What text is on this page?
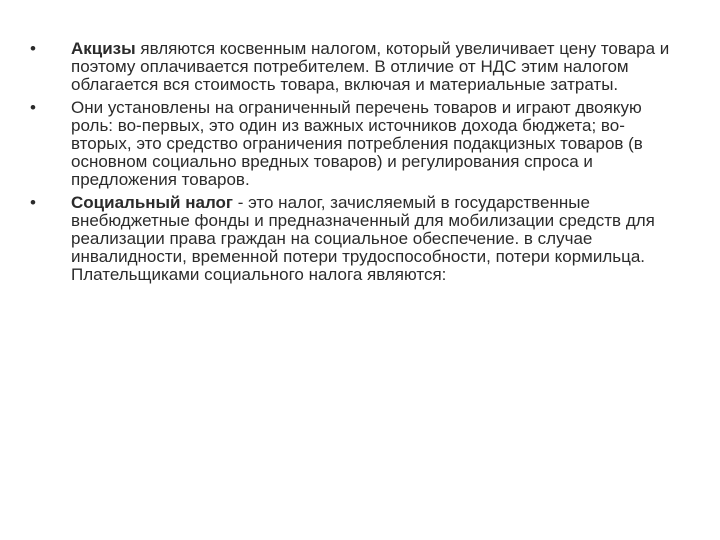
• Акцизы являются косвенным налогом, который увеличивает цену товара и поэтому оплачивается потребителем. В отличие от НДС этим налогом облагается вся стоимость товара, включая и материальные затраты.
• Они установлены на ограниченный перечень товаров и играют двоякую роль: во-первых, это один из важных источников дохода бюджета; во-вторых, это средство ограничения потребления подакцизных товаров (в основном социально вредных товаров) и регулирования спроса и предложения товаров.
• Социальный налог - это налог, зачисляемый в государственные внебюджетные фонды и предназначенный для мобилизации средств для реализации права граждан на социальное обеспечение. в случае инвалидности, временной потери трудоспособности, потери кормильца. Плательщиками социального налога являются:
